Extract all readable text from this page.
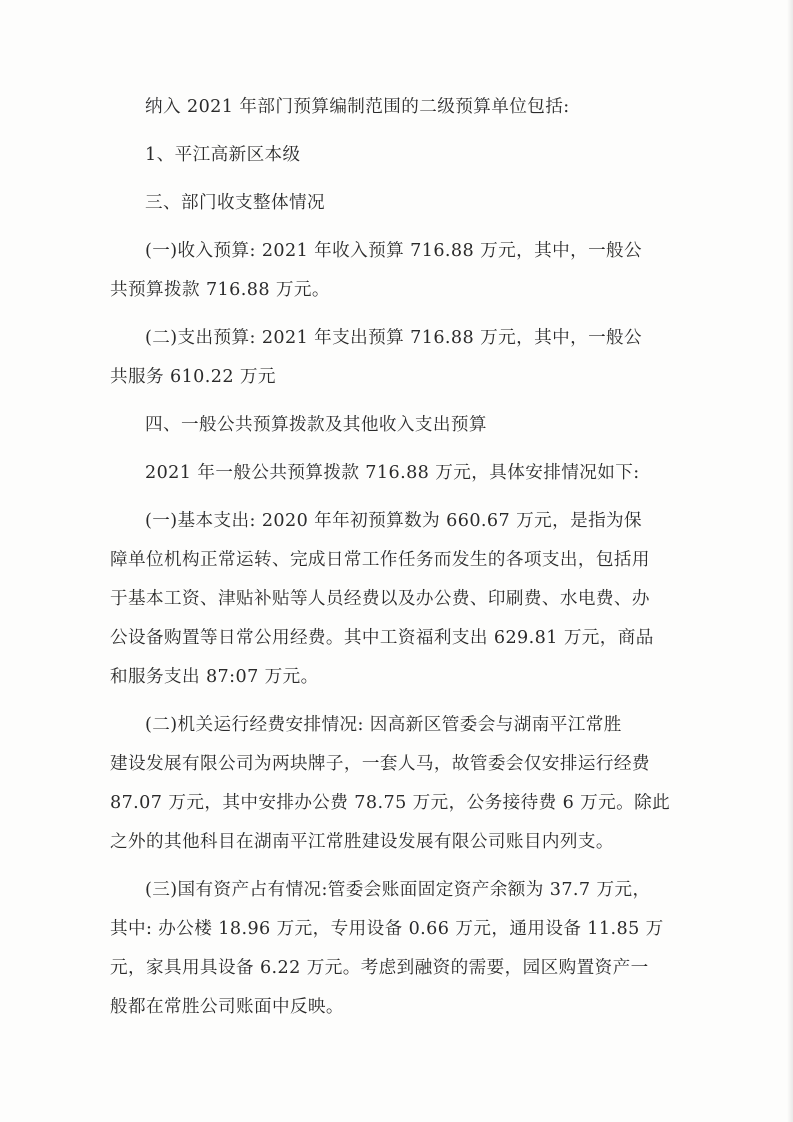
纳入 2021 年部门预算编制范围的二级预算单位包括:
1、平江高新区本级
三、部门收支整体情况
(一)收入预算: 2021 年收入预算 716.88 万元，其中，一般公
共预算拨款 716.88 万元。
(二)支出预算: 2021 年支出预算 716.88 万元，其中，一般公
共服务 610.22 万元
四、一般公共预算拨款及其他收入支出预算
2021 年一般公共预算拨款 716.88 万元，具体安排情况如下:
(一)基本支出: 2020 年年初预算数为 660.67 万元，是指为保
障单位机构正常运转、完成日常工作任务而发生的各项支出，包括用
于基本工资、津贴补贴等人员经费以及办公费、印刷费、水电费、办
公设备购置等日常公用经费。其中工资福利支出 629.81 万元，商品
和服务支出 87:07 万元。
(二)机关运行经费安排情况: 因高新区管委会与湖南平江常胜
建设发展有限公司为两块牌子，一套人马，故管委会仅安排运行经费
87.07 万元，其中安排办公费 78.75 万元，公务接待费 6 万元。除此
之外的其他科目在湖南平江常胜建设发展有限公司账目内列支。
(三)国有资产占有情况:管委会账面固定资产余额为 37.7 万元，
其中: 办公楼 18.96 万元，专用设备 0.66 万元，通用设备 11.85 万
元，家具用具设备 6.22 万元。考虑到融资的需要，园区购置资产一
般都在常胜公司账面中反映。
